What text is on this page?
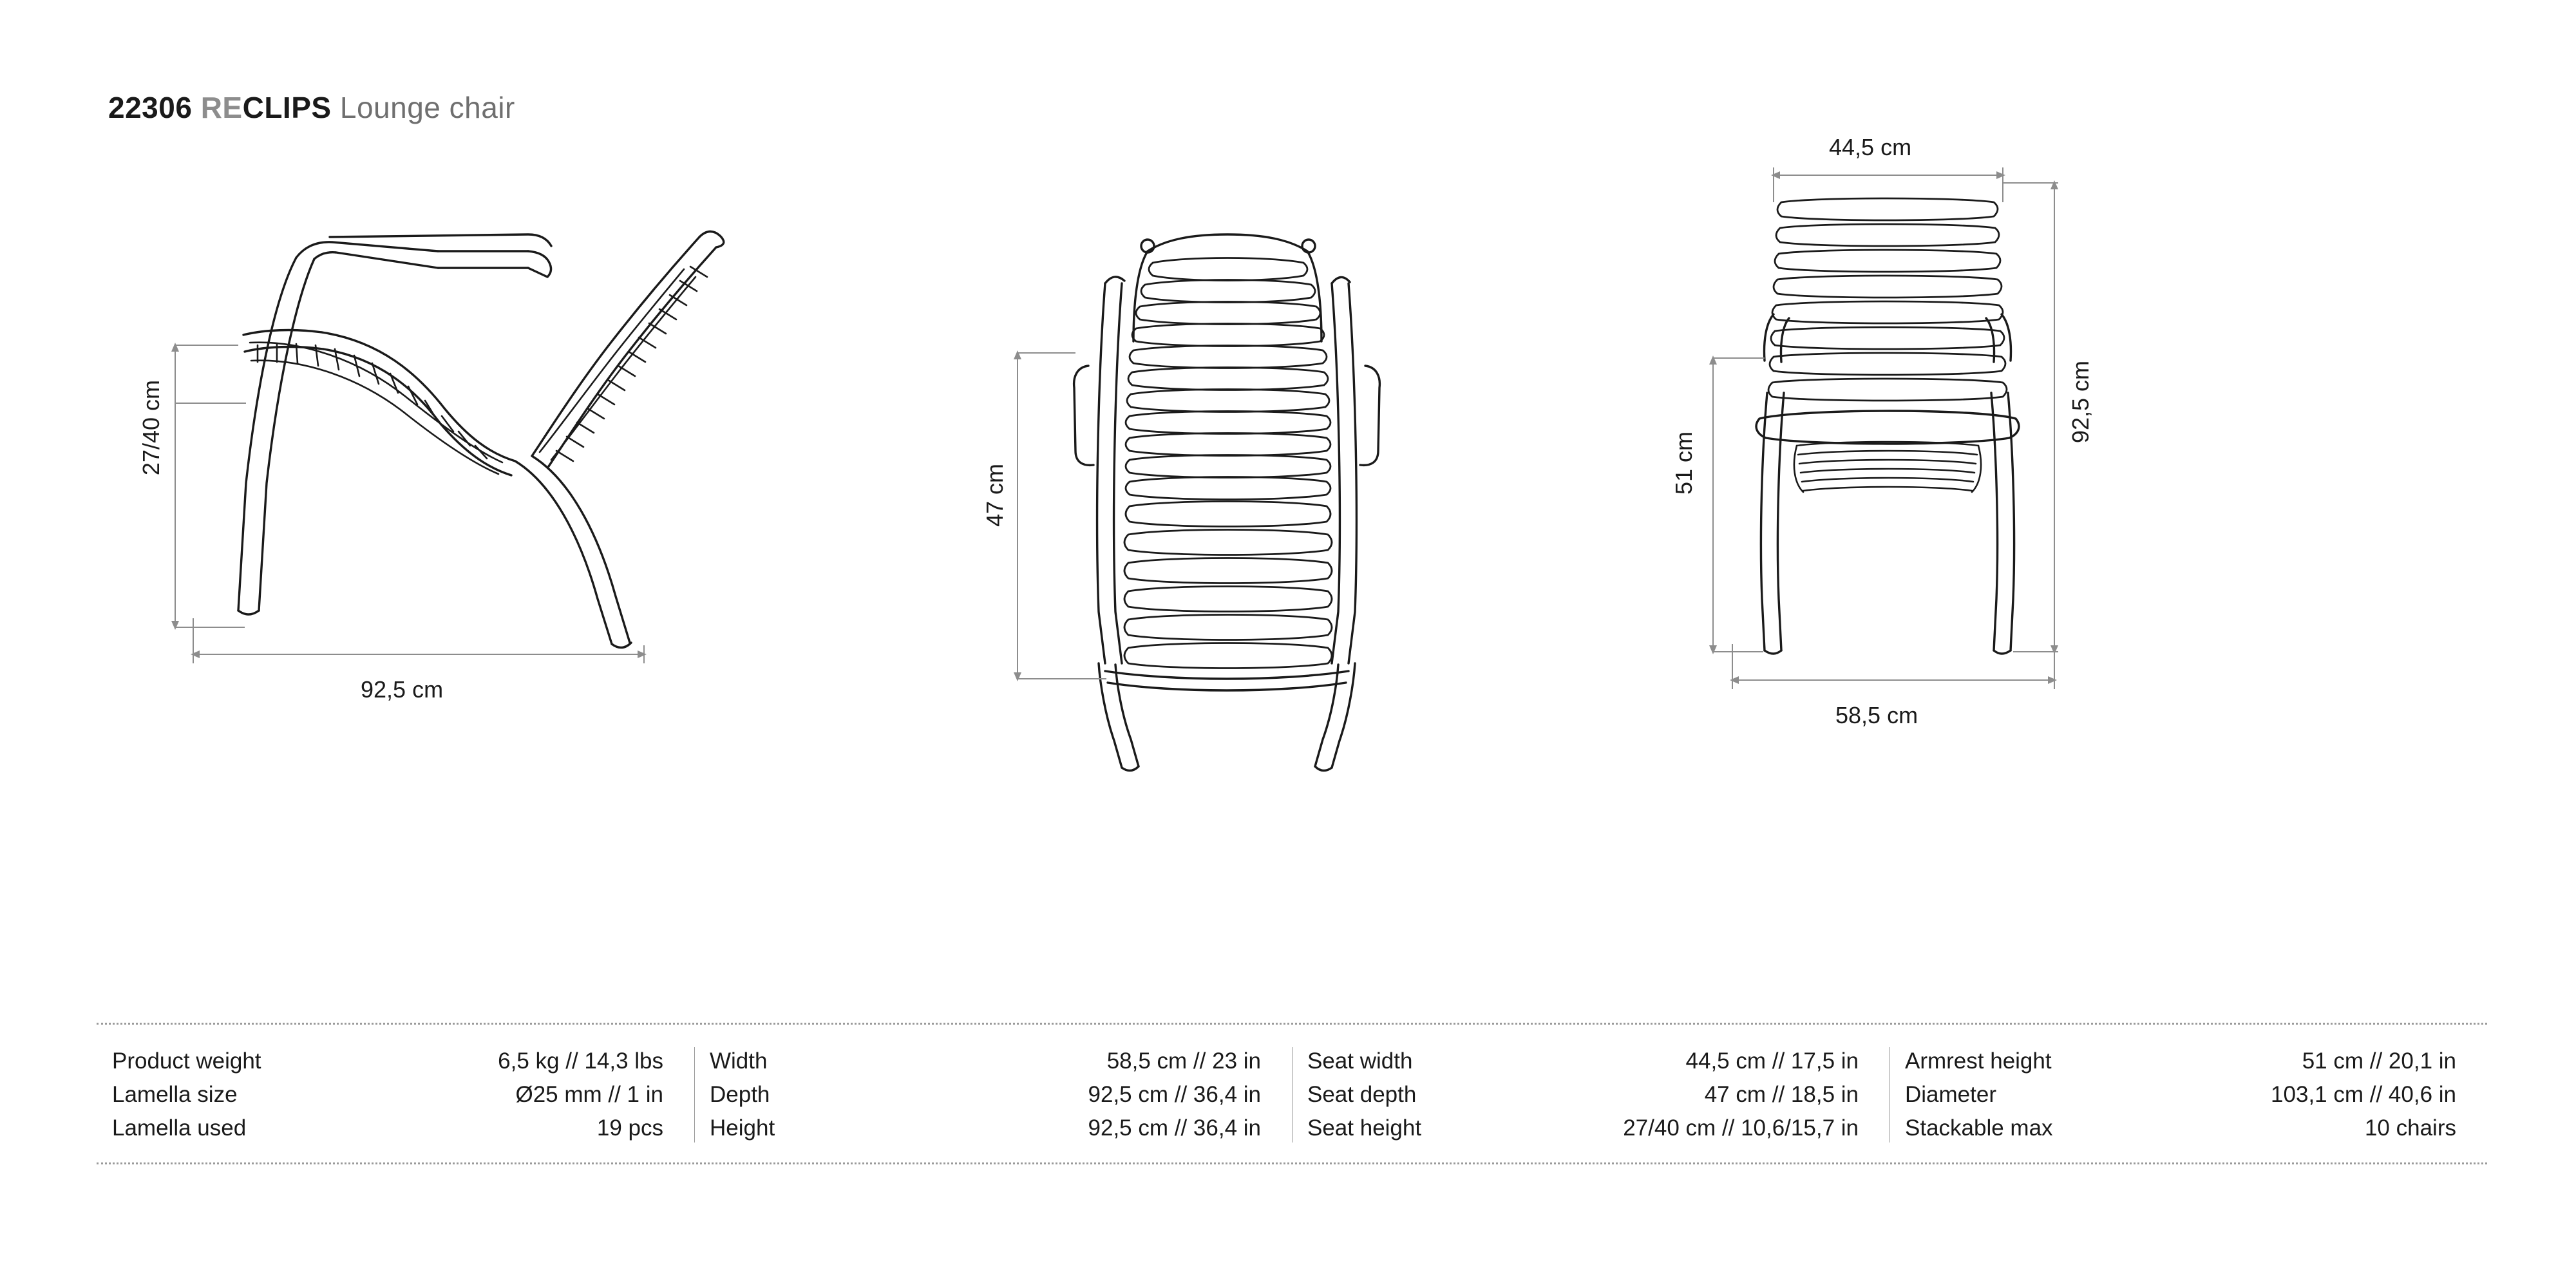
22306 RECLIPS Lounge chair
27/40 cm
92,5 cm
47 cm
44,5 cm
92,5 cm
51 cm
58,5 cm
Product weight	6,5 kg // 14,3 lbs
Lamella size	Ø25 mm // 1 in
Lamella used	19 pcs
Width	58,5 cm // 23 in
Depth	92,5 cm // 36,4 in
Height	92,5 cm // 36,4 in
Seat width	44,5 cm // 17,5 in
Seat depth	47 cm // 18,5 in
Seat height	27/40 cm // 10,6/15,7 in
Armrest height	51 cm // 20,1 in
Diameter	103,1 cm // 40,6 in
Stackable max	10 chairs
